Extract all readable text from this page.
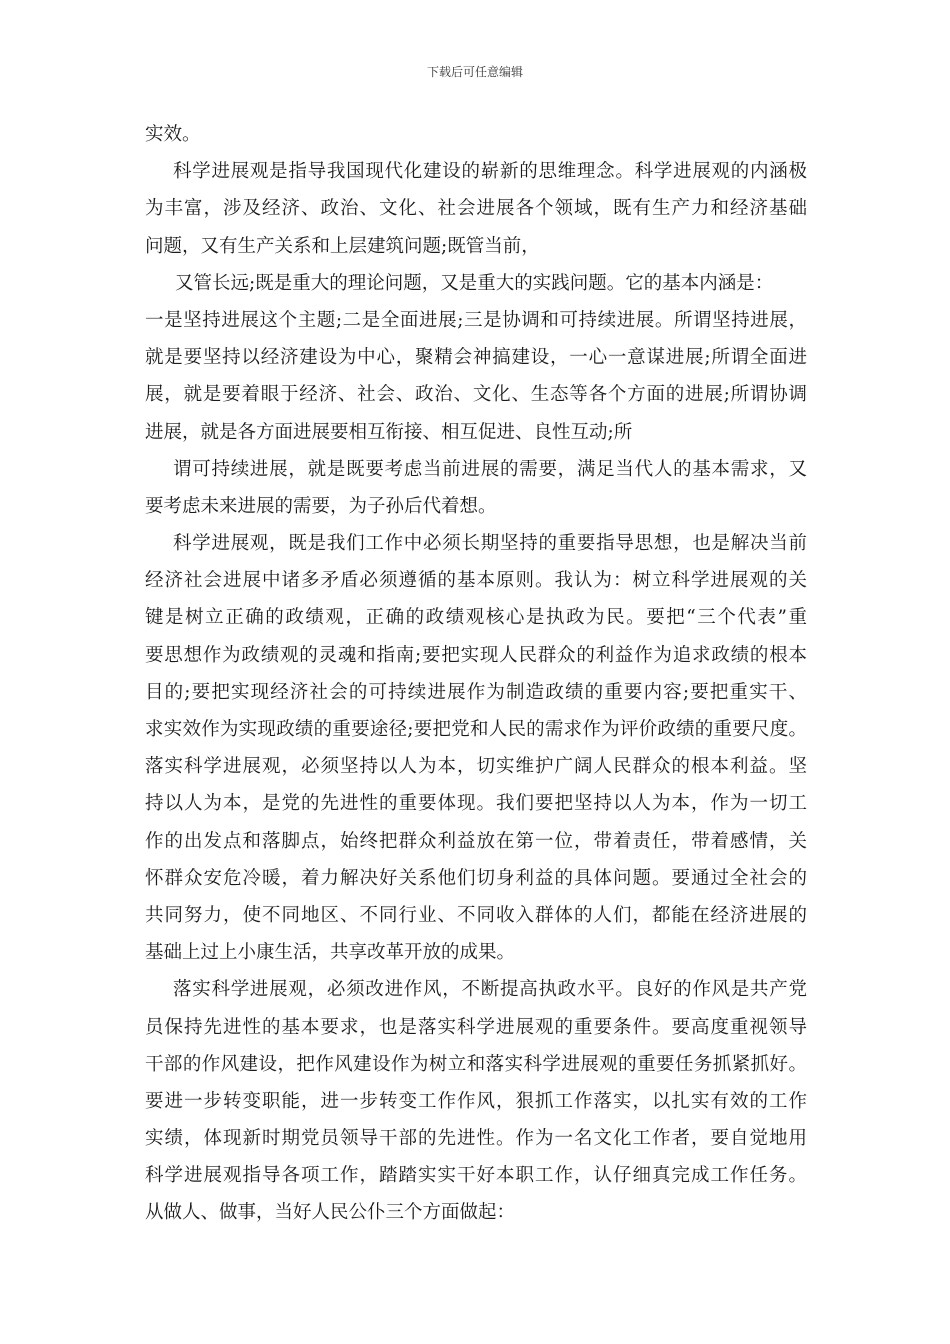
下载后可任意编辑
实效。
科学进展观是指导我国现代化建设的崭新的思维理念。科学进展观的内涵极
为丰富，涉及经济、政治、文化、社会进展各个领域，既有生产力和经济基础
问题，又有生产关系和上层建筑问题;既管当前，
又管长远;既是重大的理论问题，又是重大的实践问题。它的基本内涵是：
一是坚持进展这个主题;二是全面进展;三是协调和可持续进展。所谓坚持进展，
就是要坚持以经济建设为中心，聚精会神搞建设，一心一意谋进展;所谓全面进
展，就是要着眼于经济、社会、政治、文化、生态等各个方面的进展;所谓协调
进展，就是各方面进展要相互衔接、相互促进、良性互动;所
谓可持续进展，就是既要考虑当前进展的需要，满足当代人的基本需求，又
要考虑未来进展的需要，为子孙后代着想。
科学进展观，既是我们工作中必须长期坚持的重要指导思想，也是解决当前
经济社会进展中诸多矛盾必须遵循的基本原则。我认为：树立科学进展观的关
键是树立正确的政绩观，正确的政绩观核心是执政为民。要把“三个代表”重
要思想作为政绩观的灵魂和指南;要把实现人民群众的利益作为追求政绩的根本
目的;要把实现经济社会的可持续进展作为制造政绩的重要内容;要把重实干、
求实效作为实现政绩的重要途径;要把党和人民的需求作为评价政绩的重要尺度。
落实科学进展观，必须坚持以人为本，切实维护广阔人民群众的根本利益。坚
持以人为本，是党的先进性的重要体现。我们要把坚持以人为本，作为一切工
作的出发点和落脚点，始终把群众利益放在第一位，带着责任，带着感情，关
怀群众安危冷暖，着力解决好关系他们切身利益的具体问题。要通过全社会的
共同努力，使不同地区、不同行业、不同收入群体的人们，都能在经济进展的
基础上过上小康生活，共享改革开放的成果。
落实科学进展观，必须改进作风，不断提高执政水平。良好的作风是共产党
员保持先进性的基本要求，也是落实科学进展观的重要条件。要高度重视领导
干部的作风建设，把作风建设作为树立和落实科学进展观的重要任务抓紧抓好。
要进一步转变职能，进一步转变工作作风，狠抓工作落实，以扎实有效的工作
实绩，体现新时期党员领导干部的先进性。作为一名文化工作者，要自觉地用
科学进展观指导各项工作，踏踏实实干好本职工作，认仔细真完成工作任务。
从做人、做事，当好人民公仆三个方面做起：
